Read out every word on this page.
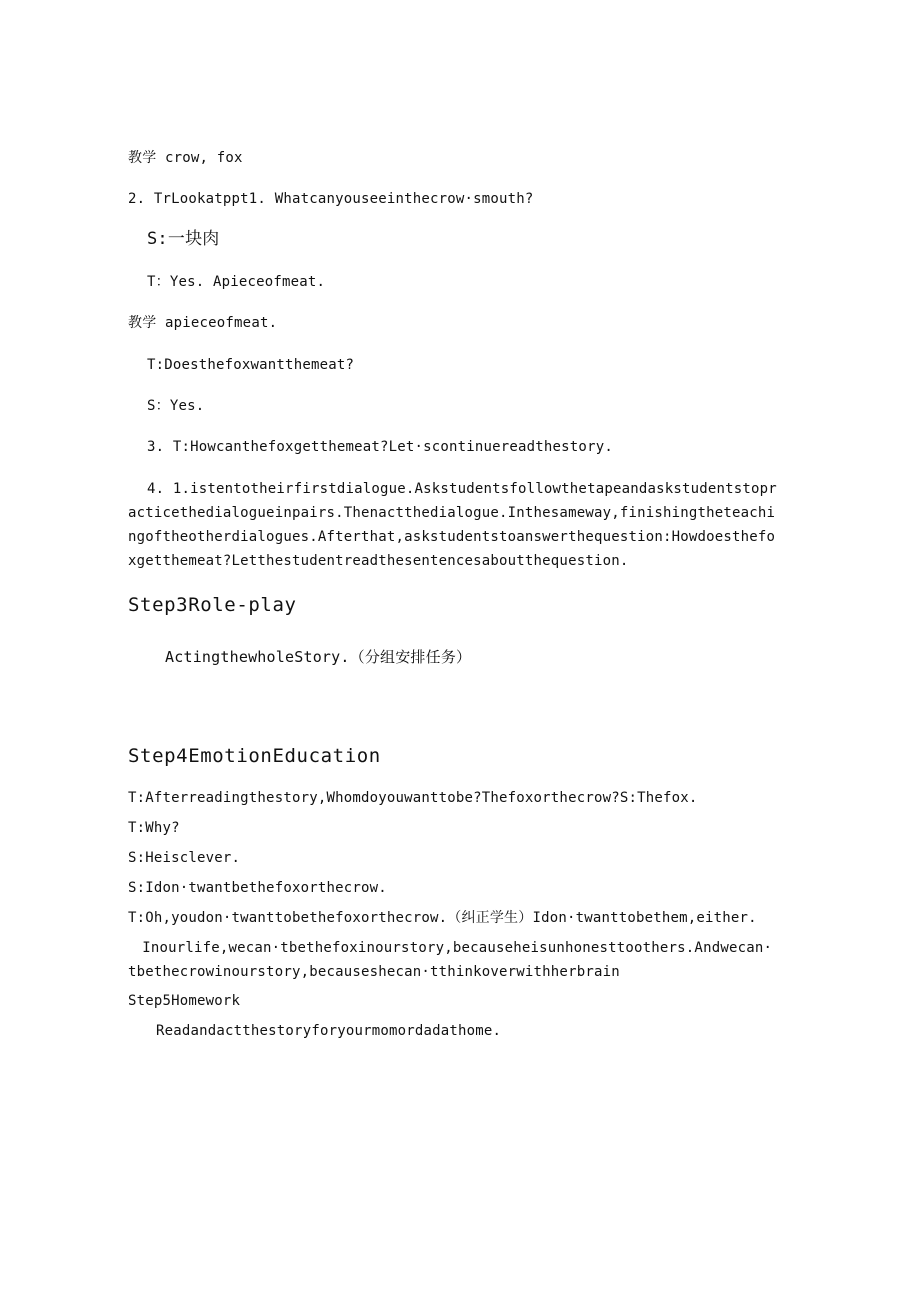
教学 crow, fox
2. TrLookatppt1. Whatcanyouseeinthecrow·smouth?
S:一块肉
T：Yes. Apieceofmeat.
教学 apieceofmeat.
T:Doesthefoxwantthemeat?
S：Yes.
3. T:Howcanthefoxgetthemeat?Let·scontinuereadthestory.
4. 1.istentotheirfirstdialogue.Askstudentsfollowthetapeandaskstudentstopracticethedialogueinpairs.Thenactthedialogue.Inthesameway,finishingtheteachingoftheotherdialogues.Afterthat,askstudentstoanswerthequestion:Howdoesthefoxgetthemeat?Letthestudentreadthesentencesaboutthequestion.
Step3Role-play
ActingthewholeStory.（分组安排任务）
Step4EmotionEducation
T:Afterreadingthestory,Whomdoyouwanttobe?Thefoxorthecrow?S:Thefox.
T:Why?
S:Heisclever.
S:Idon·twantbethefoxorthecrow.
T:Oh,youdon·twanttobethefoxorthecrow.（纠正学生）Idon·twanttobethem,either.
　Inourlife,wecan·tbethefoxinourstory,becauseheisunhonesttoothers.Andwecan·tbethecrowinourstory,becauseshecan·tthinkoverwithherbrain
Step5Homework
Readandactthestoryforyourmomordadathome.
